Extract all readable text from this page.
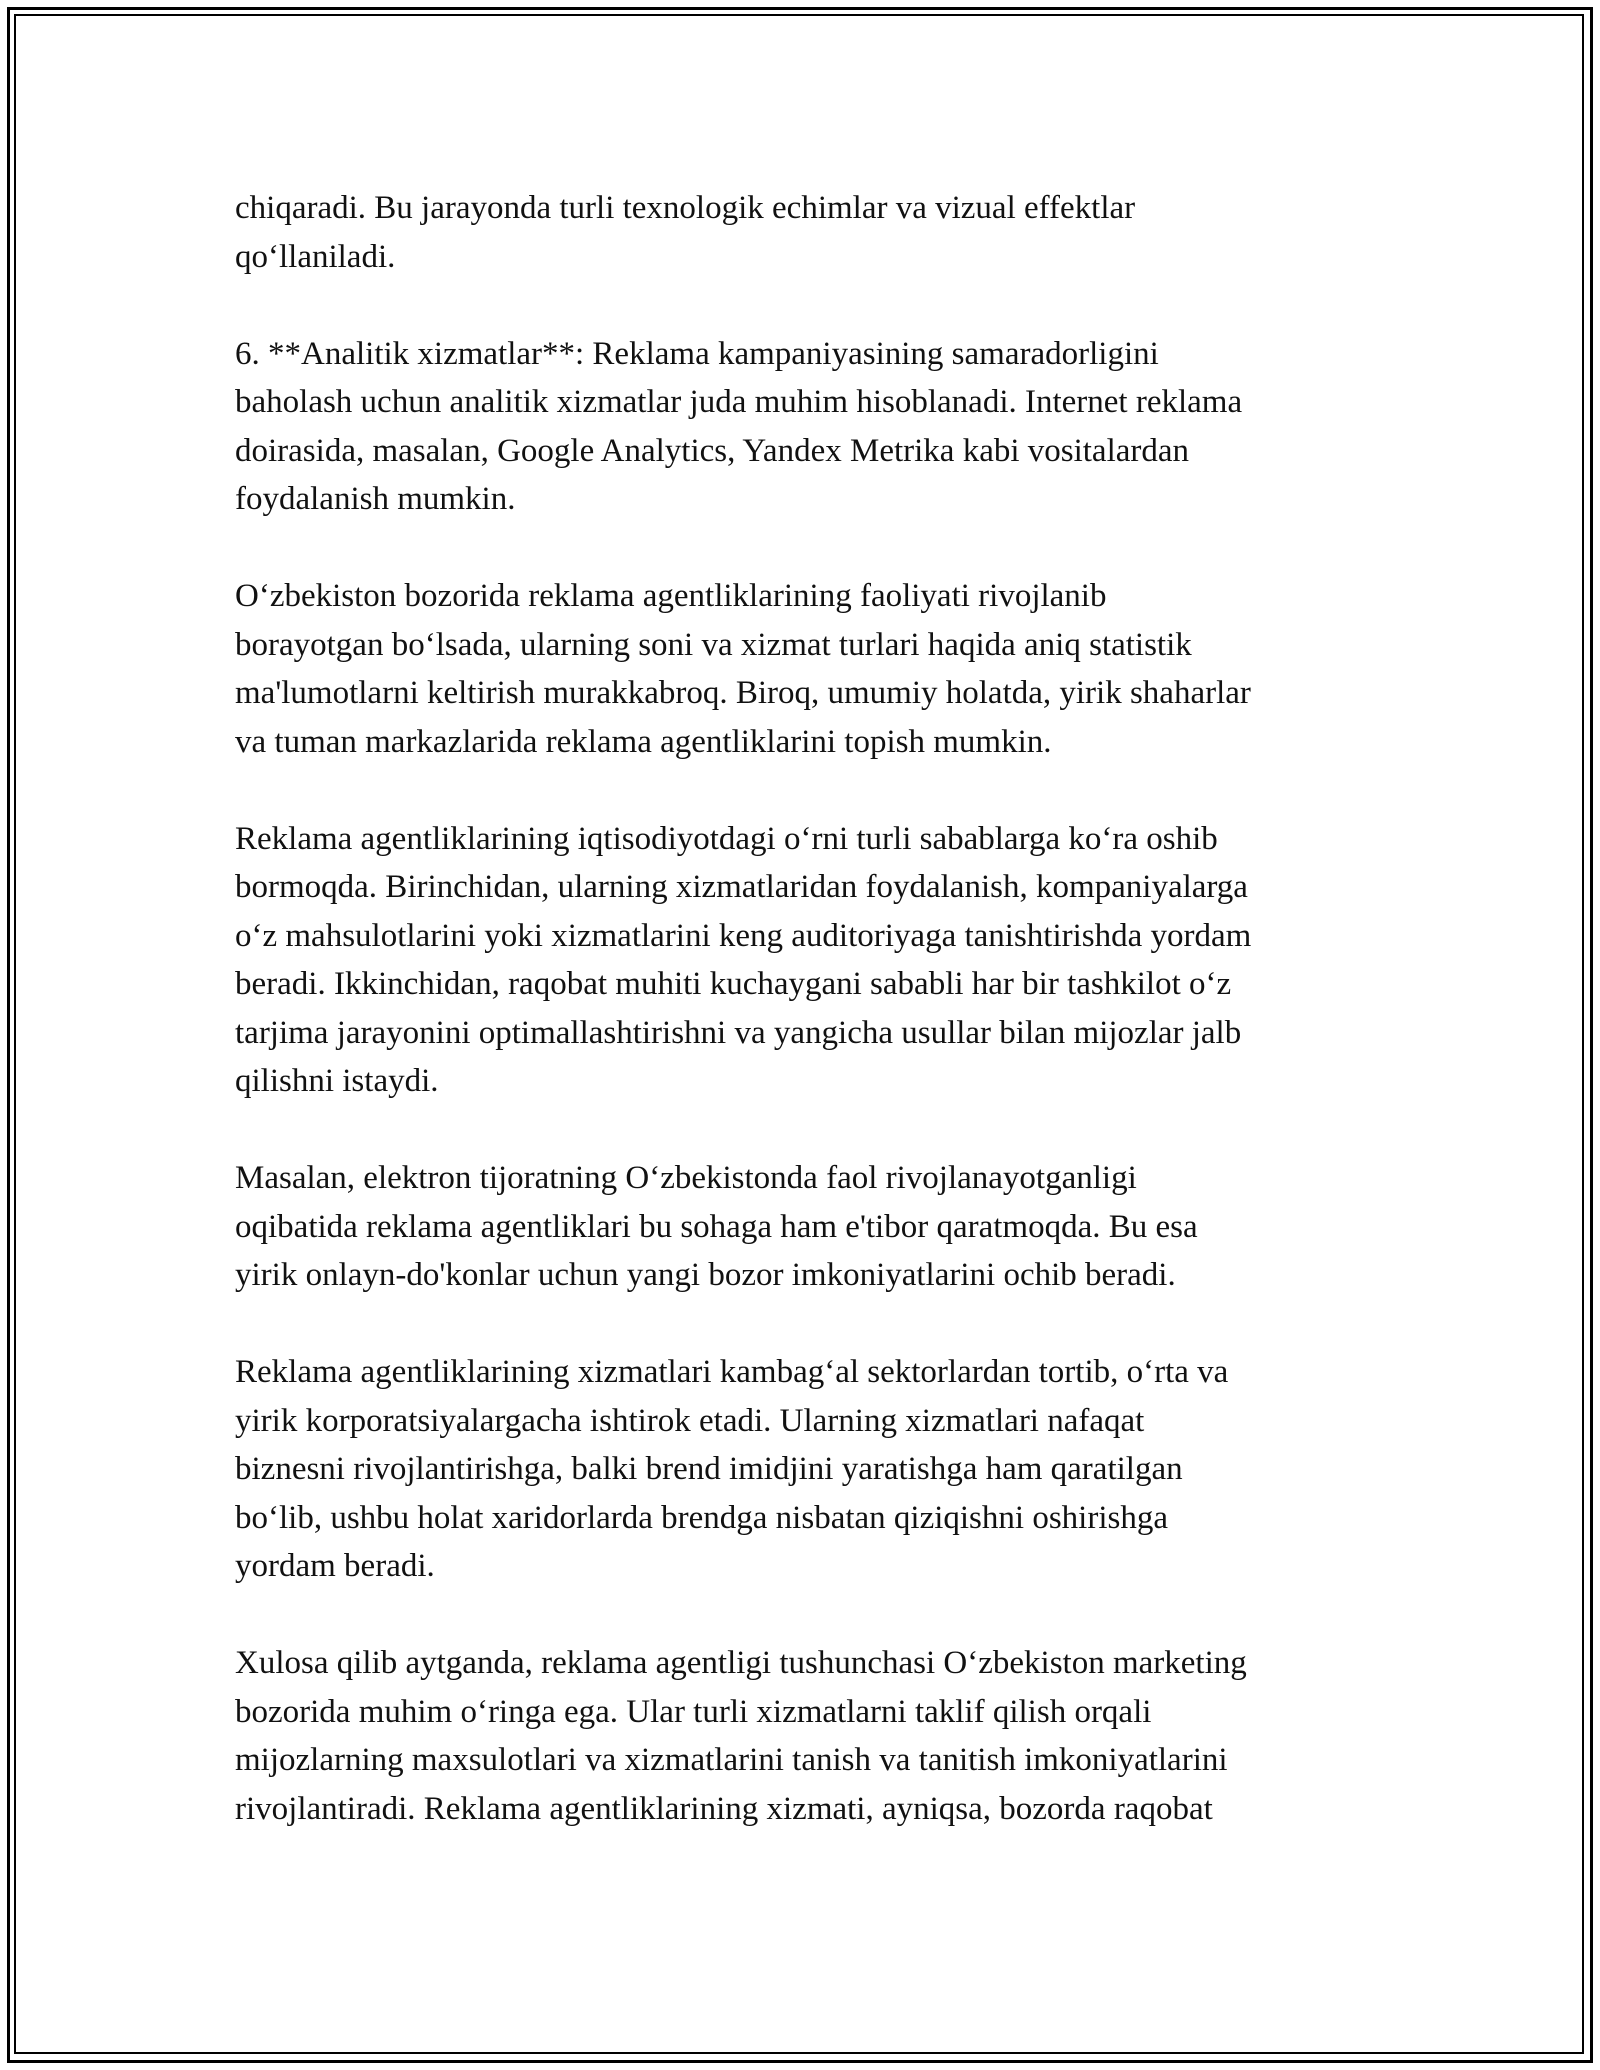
chiqaradi. Bu jarayonda turli texnologik echimlar va vizual effektlar
qo‘llaniladi.

6. **Analitik xizmatlar**: Reklama kampaniyasining samaradorligini
baholash uchun analitik xizmatlar juda muhim hisoblanadi. Internet reklama
doirasida, masalan, Google Analytics, Yandex Metrika kabi vositalardan
foydalanish mumkin.

O‘zbekiston bozorida reklama agentliklarining faoliyati rivojlanib
borayotgan bo‘lsada, ularning soni va xizmat turlari haqida aniq statistik
ma'lumotlarni keltirish murakkabroq. Biroq, umumiy holatda, yirik shaharlar
va tuman markazlarida reklama agentliklarini topish mumkin.

Reklama agentliklarining iqtisodiyotdagi o‘rni turli sabablarga ko‘ra oshib
bormoqda. Birinchidan, ularning xizmatlaridan foydalanish, kompaniyalarga
o‘z mahsulotlarini yoki xizmatlarini keng auditoriyaga tanishtirishda yordam
beradi. Ikkinchidan, raqobat muhiti kuchaygani sababli har bir tashkilot o‘z
tarjima jarayonini optimallashtirishni va yangicha usullar bilan mijozlar jalb
qilishni istaydi.

Masalan, elektron tijoratning O‘zbekistonda faol rivojlanayotganligi
oqibatida reklama agentliklari bu sohaga ham e'tibor qaratmoqda. Bu esa
yirik onlayn-do'konlar uchun yangi bozor imkoniyatlarini ochib beradi.

Reklama agentliklarining xizmatlari kambag‘al sektorlardan tortib, o‘rta va
yirik korporatsiyalargacha ishtirok etadi. Ularning xizmatlari nafaqat
biznesni rivojlantirishga, balki brend imidjini yaratishga ham qaratilgan
bo‘lib, ushbu holat xaridorlarda brendga nisbatan qiziqishni oshirishga
yordam beradi.

Xulosa qilib aytganda, reklama agentligi tushunchasi O‘zbekiston marketing
bozorida muhim o‘ringa ega. Ular turli xizmatlarni taklif qilish orqali
mijozlarning maxsulotlari va xizmatlarini tanish va tanitish imkoniyatlarini
rivojlantiradi. Reklama agentliklarining xizmati, ayniqsa, bozorda raqobat
